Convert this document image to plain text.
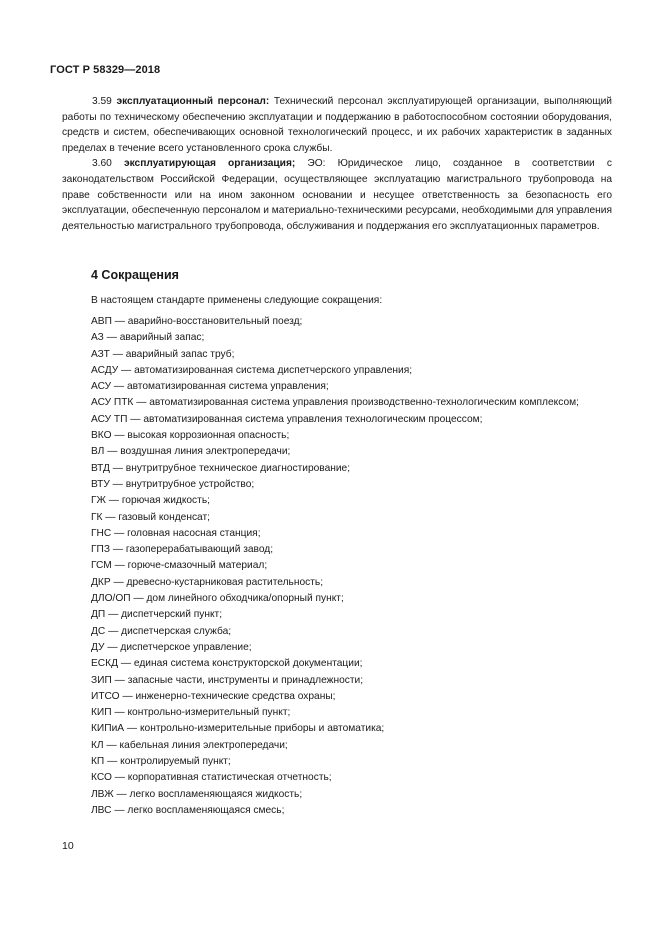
ГОСТ Р 58329—2018

3.59 эксплуатационный персонал: Технический персонал эксплуатирующей организации, выполняющий работы по техническому обеспечению эксплуатации и поддержанию в работоспособном состоянии оборудования, средств и систем, обеспечивающих основной технологический процесс, и их рабочих характеристик в заданных пределах в течение всего установленного срока службы.

3.60 эксплуатирующая организация; ЭО: Юридическое лицо, созданное в соответствии с законодательством Российской Федерации, осуществляющее эксплуатацию магистрального трубопровода на праве собственности или на ином законном основании и несущее ответственность за безопасность его эксплуатации, обеспеченную персоналом и материально-техническими ресурсами, необходимыми для управления деятельностью магистрального трубопровода, обслуживания и поддержания его эксплуатационных параметров.

4 Сокращения
В настоящем стандарте применены следующие сокращения:
АВП — аварийно-восстановительный поезд;
АЗ — аварийный запас;
АЗТ — аварийный запас труб;
АСДУ — автоматизированная система диспетчерского управления;
АСУ — автоматизированная система управления;
АСУ ПТК — автоматизированная система управления производственно-технологическим комплексом;
АСУ ТП — автоматизированная система управления технологическим процессом;
ВКО — высокая коррозионная опасность;
ВЛ — воздушная линия электропередачи;
ВТД — внутритрубное техническое диагностирование;
ВТУ — внутритрубное устройство;
ГЖ — горючая жидкость;
ГК — газовый конденсат;
ГНС — головная насосная станция;
ГПЗ — газоперерабатывающий завод;
ГСМ — горюче-смазочный материал;
ДКР — древесно-кустарниковая растительность;
ДЛО/ОП — дом линейного обходчика/опорный пункт;
ДП — диспетчерский пункт;
ДС — диспетчерская служба;
ДУ — диспетчерское управление;
ЕСКД — единая система конструкторской документации;
ЗИП — запасные части, инструменты и принадлежности;
ИТСО — инженерно-технические средства охраны;
КИП — контрольно-измерительный пункт;
КИПиА — контрольно-измерительные приборы и автоматика;
КЛ — кабельная линия электропередачи;
КП — контролируемый пункт;
КСО — корпоративная статистическая отчетность;
ЛВЖ — легко воспламеняющаяся жидкость;
ЛВС — легко воспламеняющаяся смесь;
10
